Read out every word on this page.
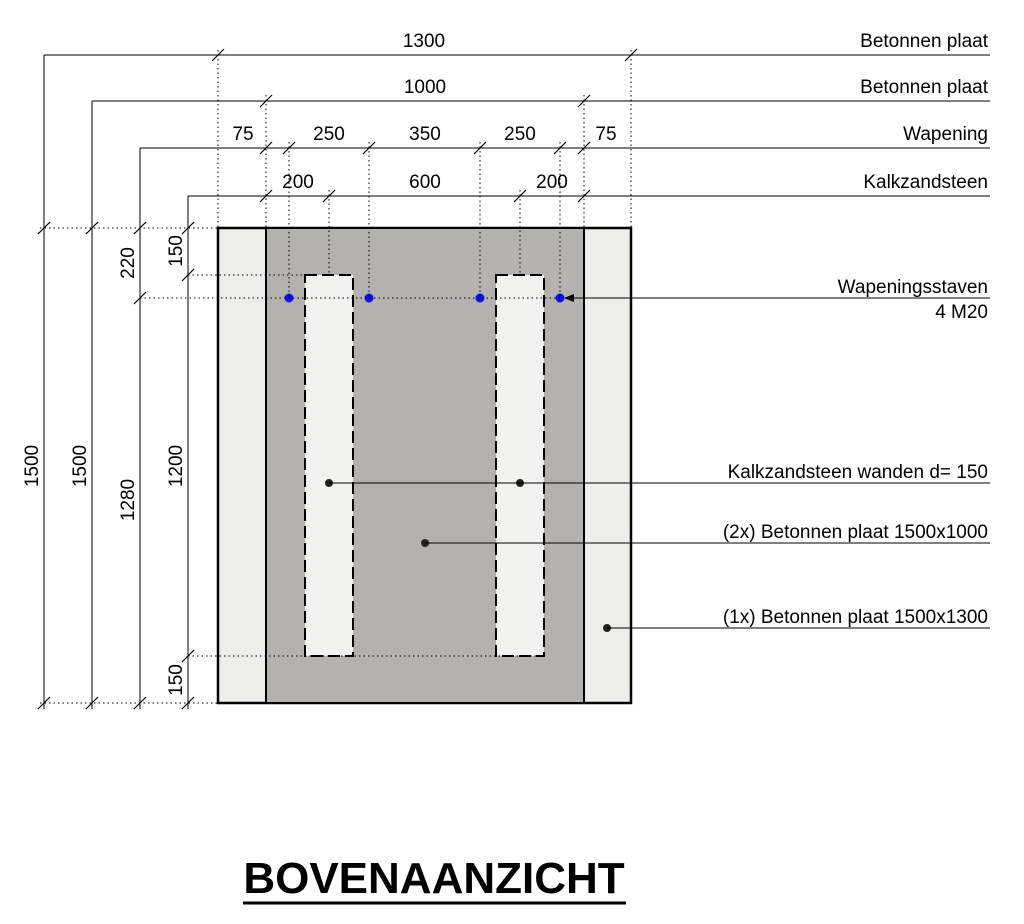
1300	Betonnen plaat
1000	Betonnen plaat
75	250	350	250	75	Wapening
200	600	200	Kalkzandsteen
1500 1500
220
1280
150
1200
150
Wapeningsstaven
4 M20
Kalkzandsteen wanden d= 150
(2x) Betonnen plaat 1500x1000
(1x) Betonnen plaat 1500x1300
BOVENAANZICHT
